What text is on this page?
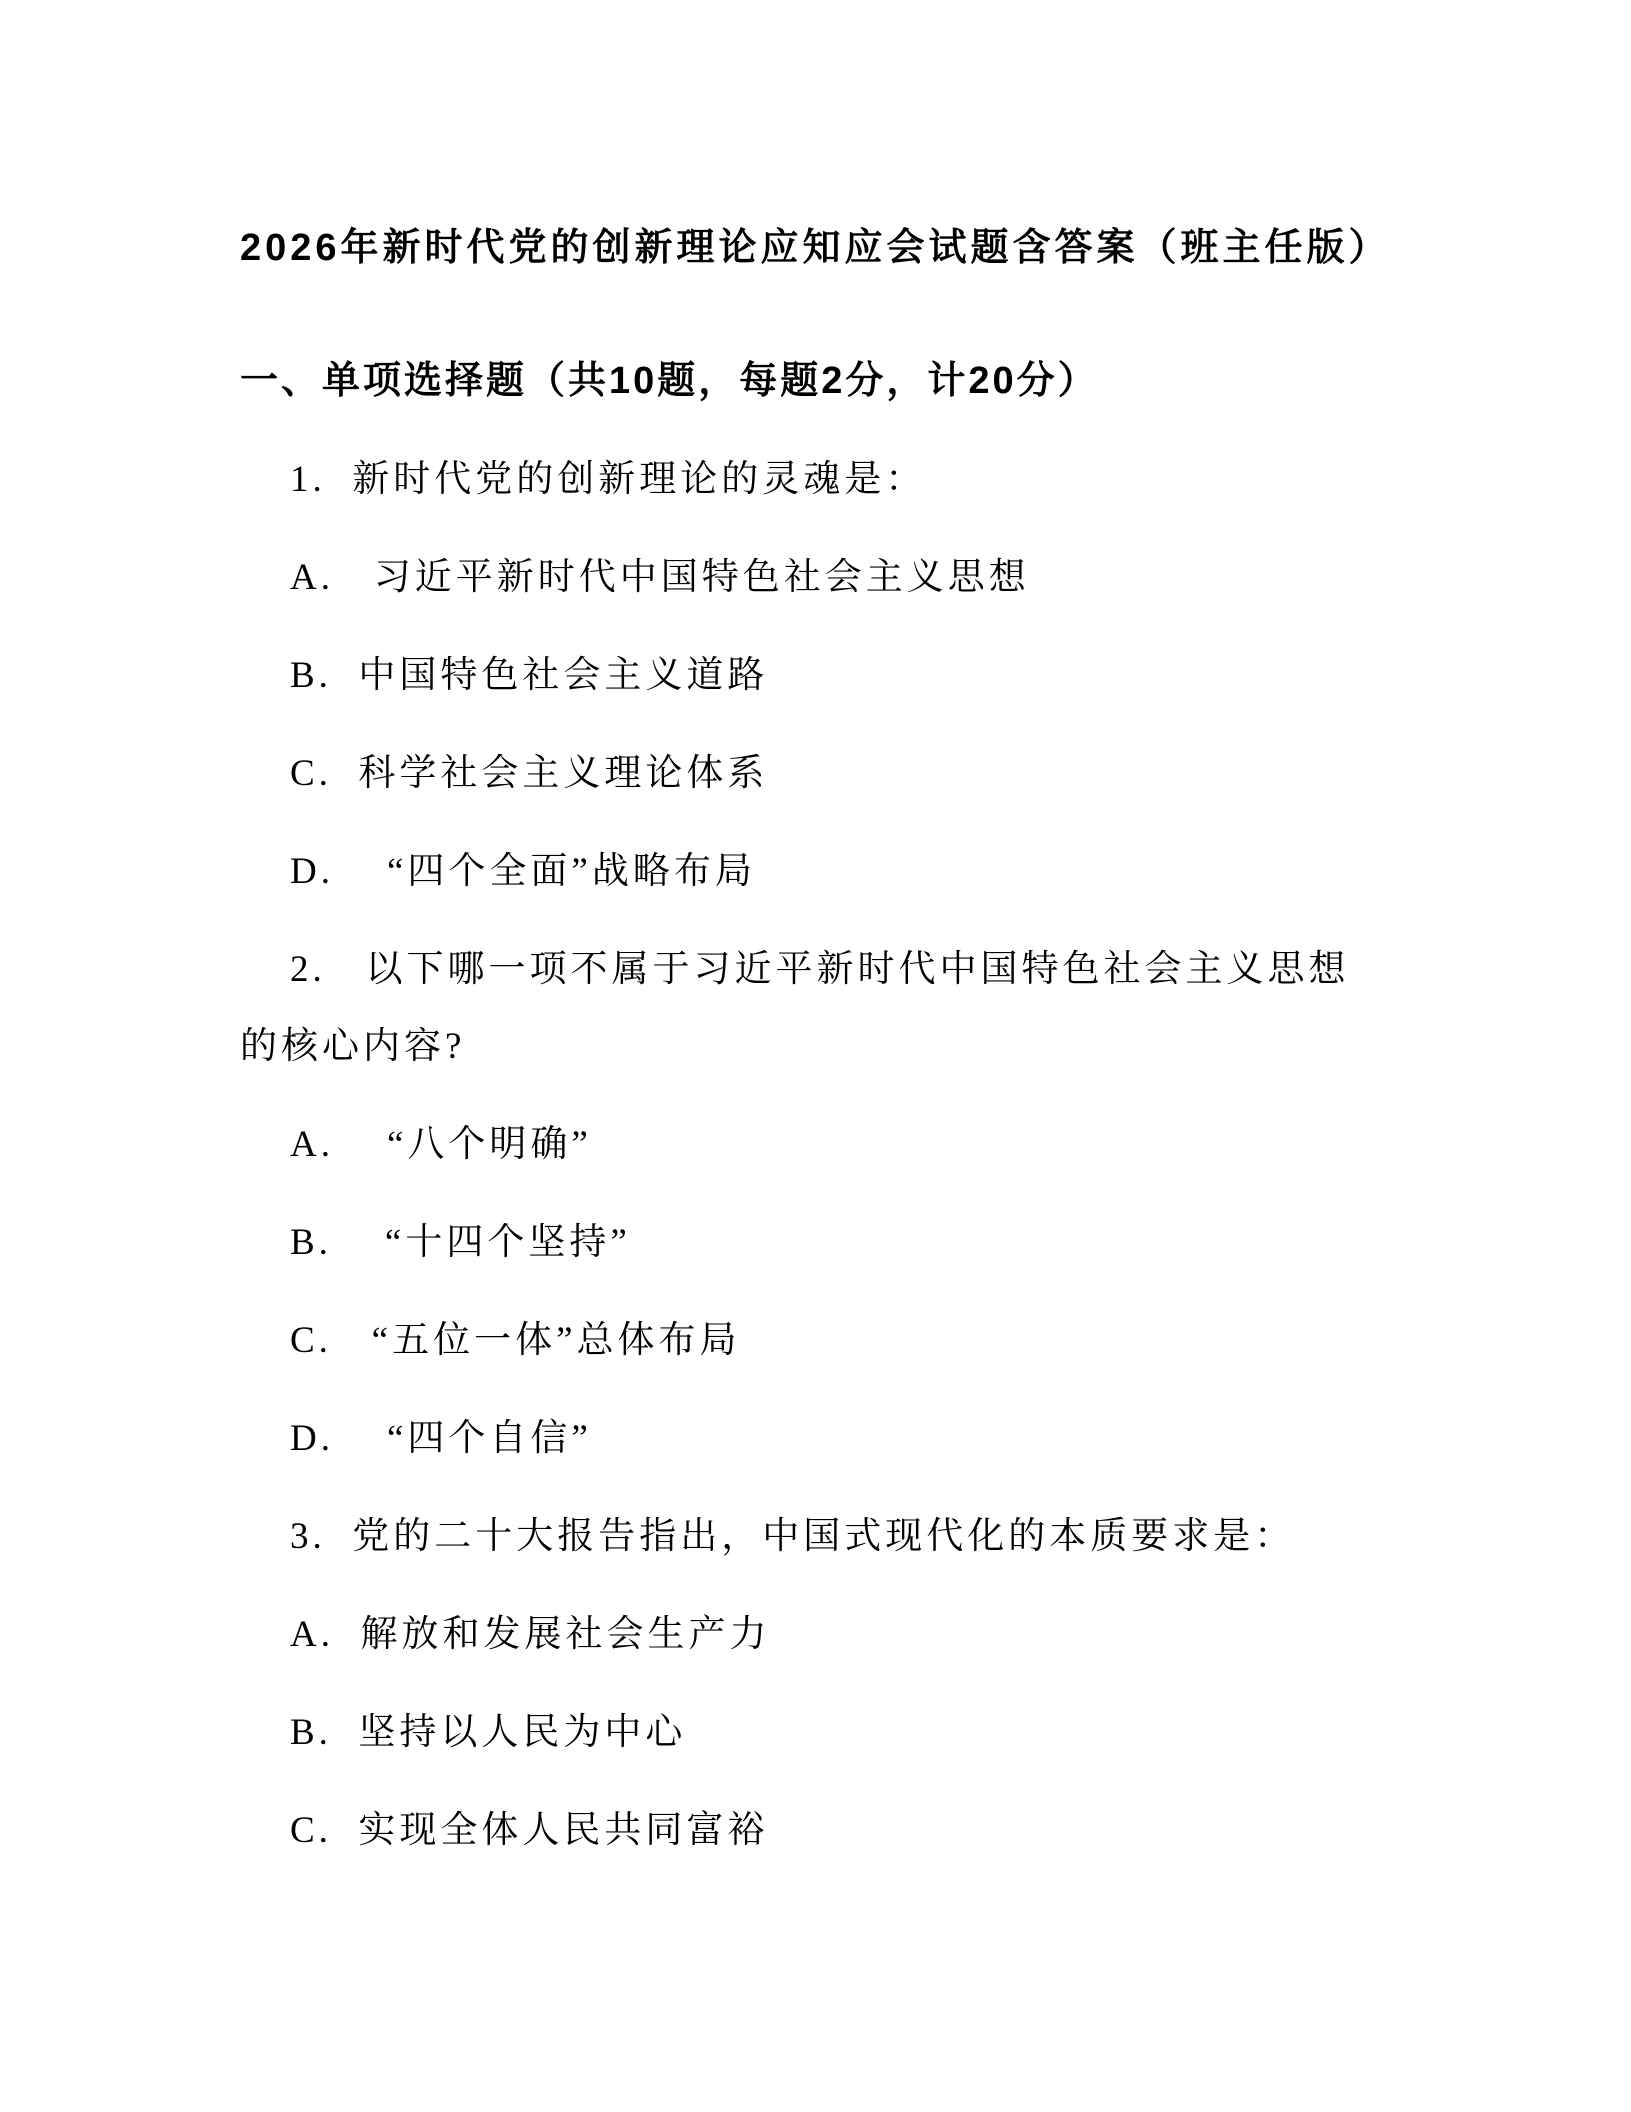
2026年新时代党的创新理论应知应会试题含答案（班主任版）
一、单项选择题（共10题，每题2分，计20分）

1.  新时代党的创新理论的灵魂是：

A.   习近平新时代中国特色社会主义思想

B.  中国特色社会主义道路

C.  科学社会主义理论体系

D.    “四个全面”战略布局

2.   以下哪一项不属于习近平新时代中国特色社会主义思想的核心内容?

A.    “八个明确”

B.    “十四个坚持”

C.   “五位一体”总体布局

D.    “四个自信”

3.  党的二十大报告指出，中国式现代化的本质要求是：

A.  解放和发展社会生产力

B.  坚持以人民为中心

C.  实现全体人民共同富裕
